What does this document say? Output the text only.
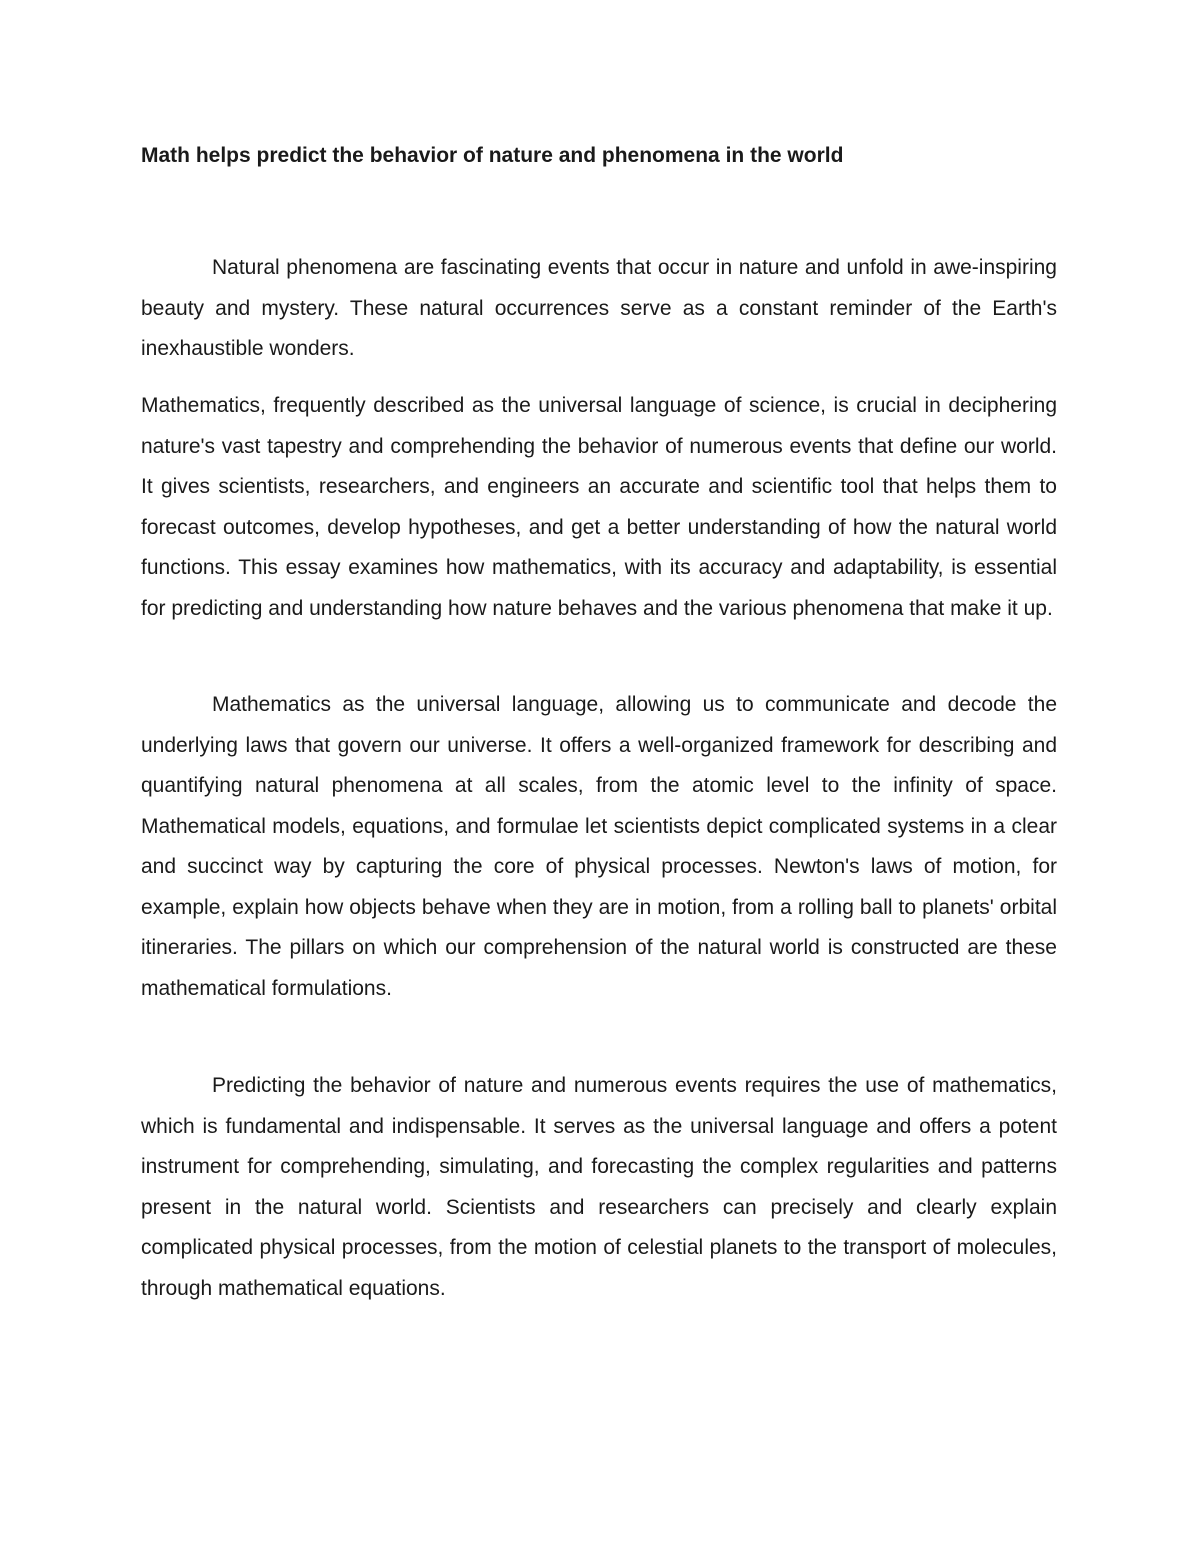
Math helps predict the behavior of nature and phenomena in the world

Natural phenomena are fascinating events that occur in nature and unfold in awe-inspiring beauty and mystery. These natural occurrences serve as a constant reminder of the Earth's inexhaustible wonders.

Mathematics, frequently described as the universal language of science, is crucial in deciphering nature's vast tapestry and comprehending the behavior of numerous events that define our world. It gives scientists, researchers, and engineers an accurate and scientific tool that helps them to forecast outcomes, develop hypotheses, and get a better understanding of how the natural world functions. This essay examines how mathematics, with its accuracy and adaptability, is essential for predicting and understanding how nature behaves and the various phenomena that make it up.

Mathematics as the universal language, allowing us to communicate and decode the underlying laws that govern our universe. It offers a well-organized framework for describing and quantifying natural phenomena at all scales, from the atomic level to the infinity of space. Mathematical models, equations, and formulae let scientists depict complicated systems in a clear and succinct way by capturing the core of physical processes. Newton's laws of motion, for example, explain how objects behave when they are in motion, from a rolling ball to planets' orbital itineraries. The pillars on which our comprehension of the natural world is constructed are these mathematical formulations.

Predicting the behavior of nature and numerous events requires the use of mathematics, which is fundamental and indispensable. It serves as the universal language and offers a potent instrument for comprehending, simulating, and forecasting the complex regularities and patterns present in the natural world. Scientists and researchers can precisely and clearly explain complicated physical processes, from the motion of celestial planets to the transport of molecules, through mathematical equations.
